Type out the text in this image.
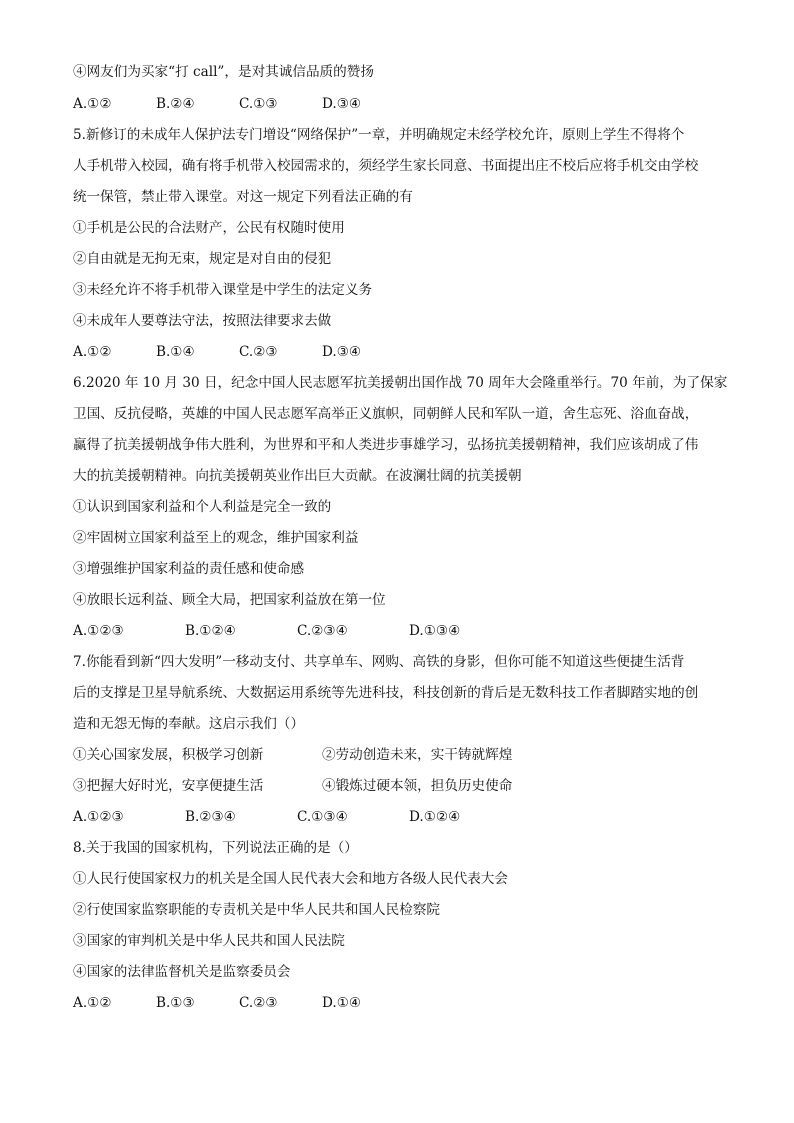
④网友们为买家“打 call”，是对其诚信品质的赞扬
A.①②	B.②④	C.①③	D.③④
5.新修订的未成年人保护法专门增设“网络保护”一章，并明确规定未经学校允许，原则上学生不得将个
人手机带入校园，确有将手机带入校园需求的，须经学生家长同意、书面提出庄不校后应将手机交由学校
统一保管，禁止带入课堂。对这一规定下列看法正确的有
①手机是公民的合法财产，公民有权随时使用
②自由就是无拘无束，规定是对自由的侵犯
③未经允许不将手机带入课堂是中学生的法定义务
④未成年人要尊法守法，按照法律要求去做
A.①②	B.①④	C.②③	D.③④
6.2020 年 10 月 30 日，纪念中国人民志愿军抗美援朝出国作战 70 周年大会隆重举行。70 年前，为了保家
卫国、反抗侵略，英雄的中国人民志愿军高举正义旗帜，同朝鲜人民和军队一道，舍生忘死、浴血奋战，
赢得了抗美援朝战争伟大胜利，为世界和平和人类进步事雄学习，弘扬抗美援朝精神，我们应该胡成了伟
大的抗美援朝精神。向抗美援朝英业作出巨大贡献。在波澜壮阔的抗美援朝
①认识到国家利益和个人利益是完全一致的
②牢固树立国家利益至上的观念，维护国家利益
③增强维护国家利益的责任感和使命感
④放眼长远利益、顾全大局，把国家利益放在第一位
A.①②③	B.①②④	C.②③④	D.①③④
7.你能看到新“四大发明”一移动支付、共享单车、网购、高铁的身影，但你可能不知道这些便捷生活背
后的支撑是卫星导航系统、大数据运用系统等先进科技，科技创新的背后是无数科技工作者脚踏实地的创
造和无怨无悔的奉献。这启示我们（）
①关心国家发展，积极学习创新	②劳动创造未来，实干铸就辉煌
③把握大好时光，安享便捷生活	④锻炼过硬本领，担负历史使命
A.①②③	B.②③④	C.①③④	D.①②④
8.关于我国的国家机构，下列说法正确的是（）
①人民行使国家权力的机关是全国人民代表大会和地方各级人民代表大会
②行使国家监察职能的专责机关是中华人民共和国人民检察院
③国家的审判机关是中华人民共和国人民法院
④国家的法律监督机关是监察委员会
A.①②	B.①③	C.②③	D.①④
